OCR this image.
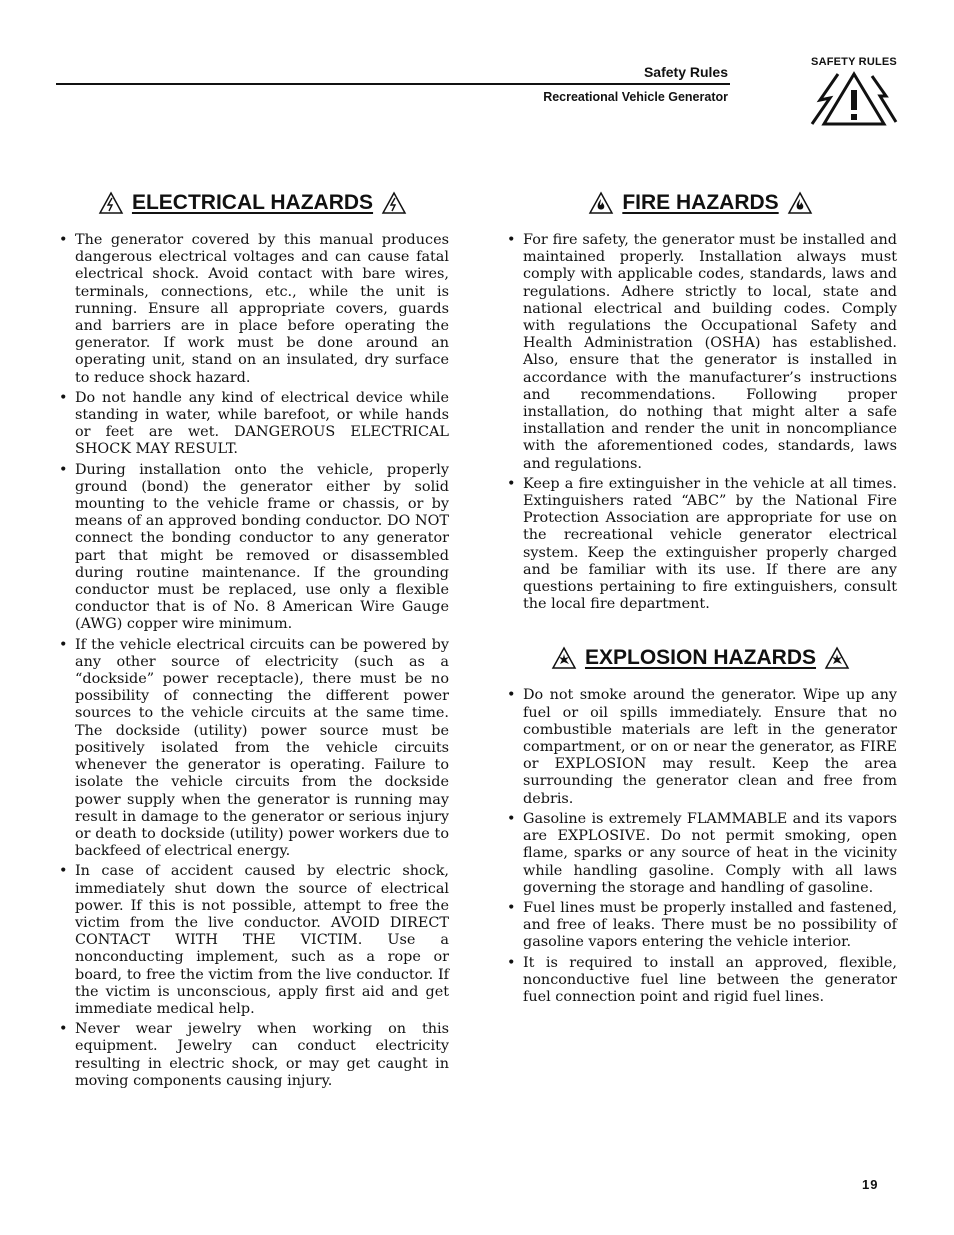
Safety Rules
Recreational Vehicle Generator
SAFETY RULES
ELECTRICAL HAZARDS
• The generator covered by this manual produces dangerous electrical voltages and can cause fatal electrical shock. Avoid contact with bare wires, terminals, connections, etc., while the unit is running. Ensure all appropriate covers, guards and barriers are in place before operating the generator. If work must be done around an operating unit, stand on an insulated, dry surface to reduce shock hazard.
• Do not handle any kind of electrical device while standing in water, while barefoot, or while hands or feet are wet. DANGEROUS ELECTRICAL SHOCK MAY RESULT.
• During installation onto the vehicle, properly ground (bond) the generator either by solid mounting to the vehicle frame or chassis, or by means of an approved bonding conductor. DO NOT connect the bonding conductor to any generator part that might be removed or disassembled during routine maintenance. If the grounding conductor must be replaced, use only a flexible conductor that is of No. 8 American Wire Gauge (AWG) copper wire minimum.
• If the vehicle electrical circuits can be powered by any other source of electricity (such as a “dockside” power receptacle), there must be no possibility of connecting the different power sources to the vehicle circuits at the same time. The dockside (utility) power source must be positively isolated from the vehicle circuits whenever the generator is operating. Failure to isolate the vehicle circuits from the dockside power supply when the generator is running may result in damage to the generator or serious injury or death to dockside (utility) power workers due to backfeed of electrical energy.
• In case of accident caused by electric shock, immediately shut down the source of electrical power. If this is not possible, attempt to free the victim from the live conductor. AVOID DIRECT CONTACT WITH THE VICTIM. Use a nonconducting implement, such as a rope or board, to free the victim from the live conductor. If the victim is unconscious, apply first aid and get immediate medical help.
• Never wear jewelry when working on this equipment. Jewelry can conduct electricity resulting in electric shock, or may get caught in moving components causing injury.
FIRE HAZARDS
• For fire safety, the generator must be installed and maintained properly. Installation always must comply with applicable codes, standards, laws and regulations. Adhere strictly to local, state and national electrical and building codes. Comply with regulations the Occupational Safety and Health Administration (OSHA) has established. Also, ensure that the generator is installed in accordance with the manufacturer’s instructions and recommendations. Following proper installation, do nothing that might alter a safe installation and render the unit in noncompliance with the aforementioned codes, standards, laws and regulations.
• Keep a fire extinguisher in the vehicle at all times. Extinguishers rated “ABC” by the National Fire Protection Association are appropriate for use on the recreational vehicle generator electrical system. Keep the extinguisher properly charged and be familiar with its use. If there are any questions pertaining to fire extinguishers, consult the local fire department.
EXPLOSION HAZARDS
• Do not smoke around the generator. Wipe up any fuel or oil spills immediately. Ensure that no combustible materials are left in the generator compartment, or on or near the generator, as FIRE or EXPLOSION may result. Keep the area surrounding the generator clean and free from debris.
• Gasoline is extremely FLAMMABLE and its vapors are EXPLOSIVE. Do not permit smoking, open flame, sparks or any source of heat in the vicinity while handling gasoline. Comply with all laws governing the storage and handling of gasoline.
• Fuel lines must be properly installed and fastened, and free of leaks. There must be no possibility of gasoline vapors entering the vehicle interior.
• It is required to install an approved, flexible, nonconductive fuel line between the generator fuel connection point and rigid fuel lines.
19
